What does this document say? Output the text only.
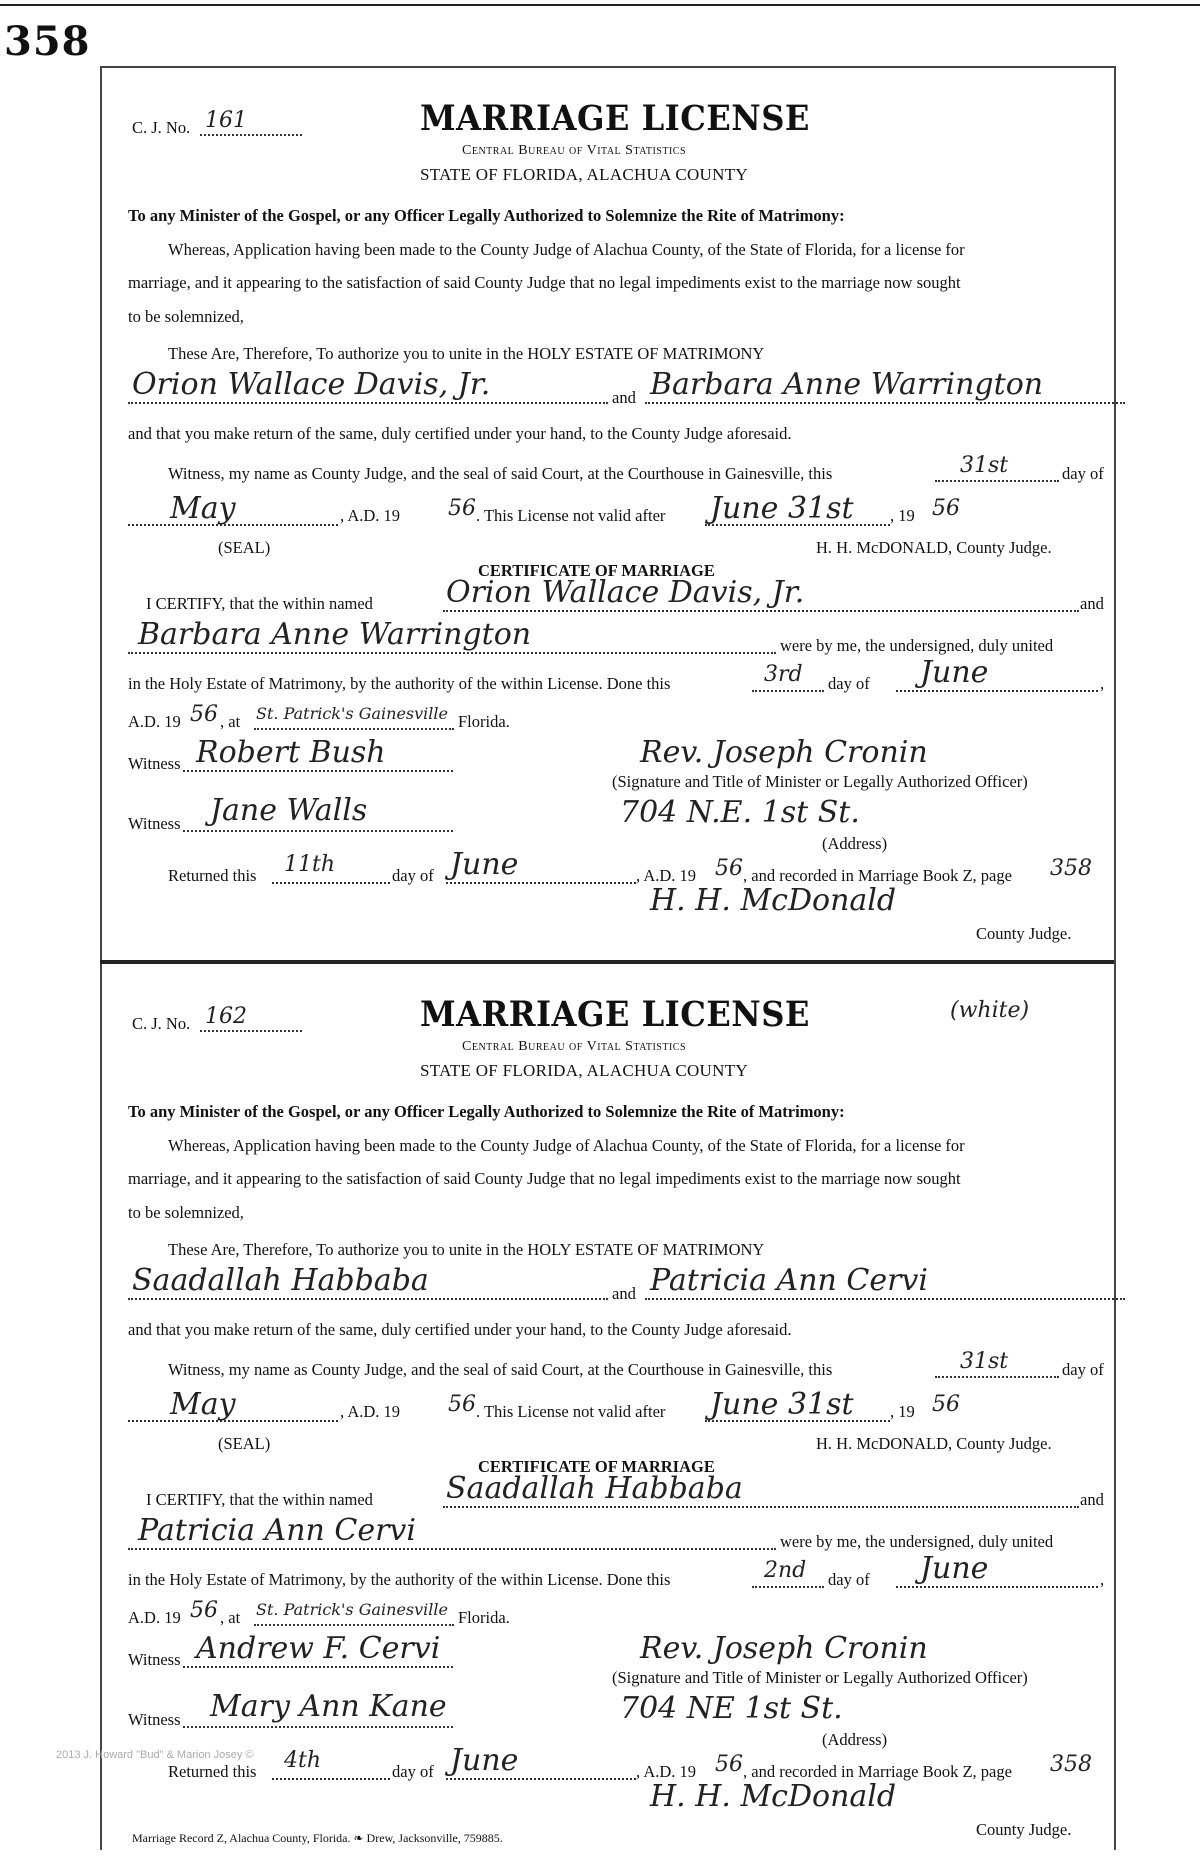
358
C. J. No. 161	MARRIAGE LICENSE
Central Bureau of Vital Statistics
STATE OF FLORIDA, ALACHUA COUNTY
To any Minister of the Gospel, or any Officer Legally Authorized to Solemnize the Rite of Matrimony:
Whereas, Application having been made to the County Judge of Alachua County, of the State of Florida, for a license for
marriage, and it appearing to the satisfaction of said County Judge that no legal impediments exist to the marriage now sought
to be solemnized,
These Are, Therefore, To authorize you to unite in the HOLY ESTATE OF MATRIMONY
Orion Wallace Davis, Jr.	and Barbara Anne Warrington
and that you make return of the same, duly certified under your hand, to the County Judge aforesaid.
Witness, my name as County Judge, and the seal of said Court, at the Courthouse in Gainesville, this	31st	day of
May	, A.D. 19 56 . This License not valid after June 31st , 19 56
(SEAL)	H. H. McDONALD, County Judge.
CERTIFICATE OF MARRIAGE
I CERTIFY, that the within named Orion Wallace Davis, Jr.	and
Barbara Anne Warrington	were by me, the undersigned, duly united
in the Holy Estate of Matrimony, by the authority of the within License. Done this	3rd day of June	,
A.D. 19 56 , at St. Patrick's Gainesville Florida.
Witness Robert Bush	Rev. Joseph Cronin
(Signature and Title of Minister or Legally Authorized Officer)
Witness Jane Walls	704 N.E. 1st St.
(Address)
Returned this 11th	day of June	, A.D. 19 56 , and recorded in Marriage Book Z, page 358
H. H. McDonald
County Judge.
C. J. No. 162	MARRIAGE LICENSE
Central Bureau of Vital Statistics
STATE OF FLORIDA, ALACHUA COUNTY
(white)
To any Minister of the Gospel, or any Officer Legally Authorized to Solemnize the Rite of Matrimony:
Whereas, Application having been made to the County Judge of Alachua County, of the State of Florida, for a license for
marriage, and it appearing to the satisfaction of said County Judge that no legal impediments exist to the marriage now sought
to be solemnized,
These Are, Therefore, To authorize you to unite in the HOLY ESTATE OF MATRIMONY
Saadallah Habbaba	and Patricia Ann Cervi
and that you make return of the same, duly certified under your hand, to the County Judge aforesaid.
Witness, my name as County Judge, and the seal of said Court, at the Courthouse in Gainesville, this	31st	day of
May	, A.D. 19 56 . This License not valid after June 31st , 19 56
(SEAL)	H. H. McDONALD, County Judge.
CERTIFICATE OF MARRIAGE
I CERTIFY, that the within named Saadallah Habbaba	and
Patricia Ann Cervi	were by me, the undersigned, duly united
in the Holy Estate of Matrimony, by the authority of the within License. Done this	2nd day of June	,
A.D. 19 56 , at St. Patrick's Gainesville Florida.
Witness Andrew F. Cervi	Rev. Joseph Cronin
(Signature and Title of Minister or Legally Authorized Officer)
Witness Mary Ann Kane	704 NE 1st St.
(Address)
Returned this 4th	day of June	, A.D. 19 56 , and recorded in Marriage Book Z, page 358
H. H. McDonald
County Judge.
Marriage Record Z, Alachua County, Florida. ❧ Drew, Jacksonville, 759885.
2013 J. Howard "Bud" & Marion Josey ©
